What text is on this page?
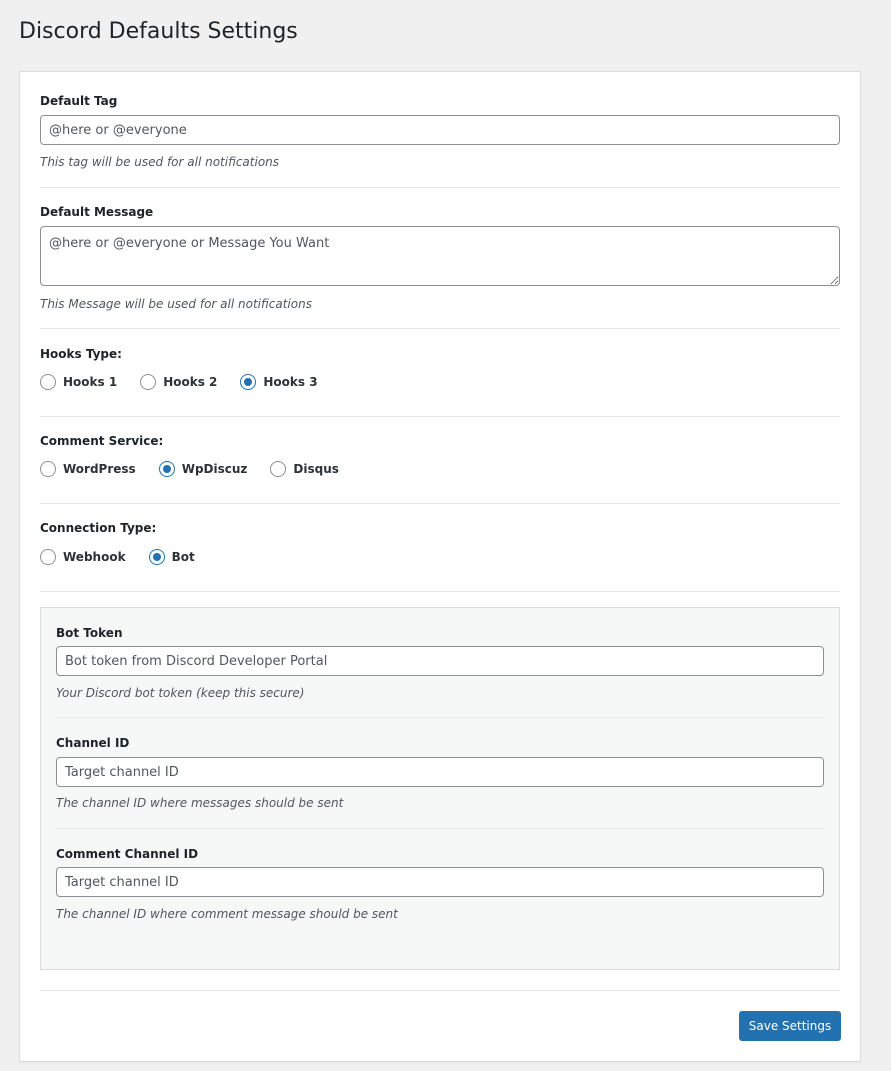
Discord Defaults Settings
Default Tag
@here or @everyone
This tag will be used for all notifications
Default Message
@here or @everyone or Message You Want
This Message will be used for all notifications
Hooks Type:
Hooks 1	Hooks 2	Hooks 3
Comment Service:
WordPress	WpDiscuz	Disqus
Connection Type:
Webhook	Bot
Bot Token
Bot token from Discord Developer Portal
Your Discord bot token (keep this secure)
Channel ID
Target channel ID
The channel ID where messages should be sent
Comment Channel ID
Target channel ID
The channel ID where comment message should be sent
Save Settings
